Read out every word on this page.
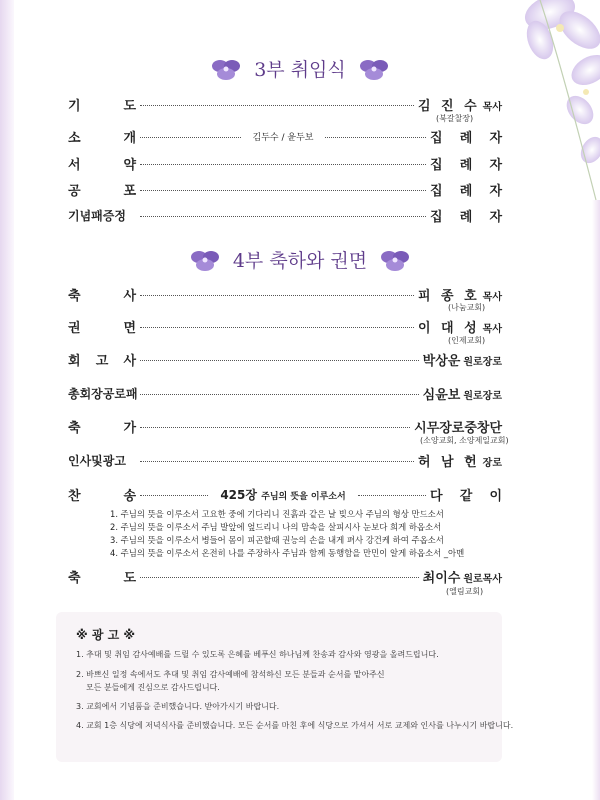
3부 취임식
기	도	김 진 수 목사
(북갈찰장)
소	개	김두수 / 윤두보	집 례 자
서	약	집 례 자
공	포	집 례 자
기념패증정	집 례 자
4부 축하와 권면
축	사	피 종 호 목사
(나눔교회)
권	면	이 대 성 목사
(인제교회)
회 고 사	박상운 원로장로
총회장공로패	심윤보 원로장로
축	가	시무장로중창단
(소양교회, 소양제일교회)
인사및광고	허 남 헌 장로
찬	송	425장 주님의 뜻을 이루소서	다 같 이
1. 주님의 뜻을 이루소서 고요한 중에 기다리니 진흙과 같은 날 빚으사 주님의 형상 만드소서
2. 주님의 뜻을 이루소서 주님 발앞에 엎드리니 나의 맘속을 살피시사 눈보다 희게 하옵소서
3. 주님의 뜻을 이루소서 병들어 몸이 피곤할때 권능의 손을 내게 펴사 강건케 하여 주옵소서
4. 주님의 뜻을 이루소서 온전히 나를 주장하사 주님과 함께 동행함을 만민이 알게 하옵소서 _아멘
축	도	최이수 원로목사
(엘림교회)
※ 광 고 ※
1. 추대 및 취임 감사예배를 드릴 수 있도록 은혜를 베푸신 하나님께 찬송과 감사와 영광을 올려드립니다.
2. 바쁘신 일정 속에서도 추대 및 취임 감사예배에 참석하신 모든 분들과 순서를 맡아주신
모든 분들에게 진심으로 감사드립니다.
3. 교회에서 기념품을 준비했습니다. 받아가시기 바랍니다.
4. 교회 1층 식당에 저녁식사를 준비했습니다. 모든 순서를 마친 후에 식당으로 가셔서 서로 교제와 인사를 나누시기 바랍니다.
